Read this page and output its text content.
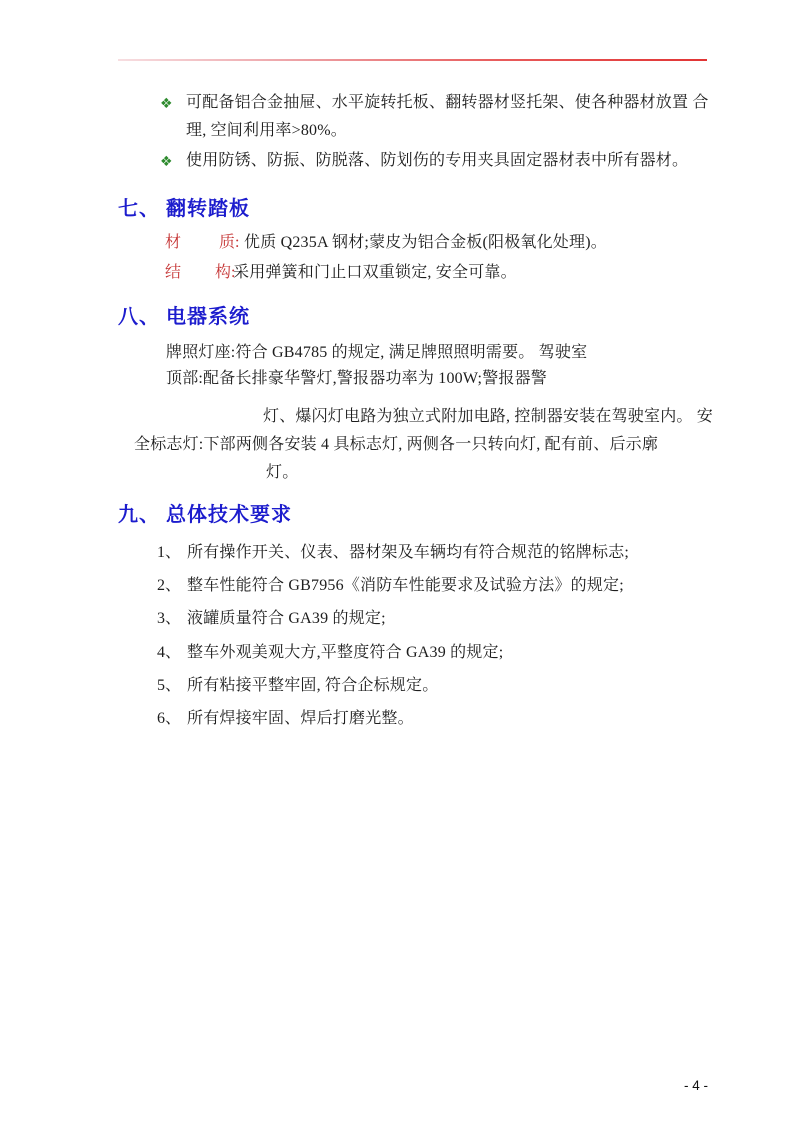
❖ 可配备铝合金抽屉、水平旋转托板、翻转器材竖托架、使各种器材放置 合
理, 空间利用率>80%。
❖ 使用防锈、防振、防脱落、防划伤的专用夹具固定器材表中所有器材。
七、 翻转踏板
材 质: 优质 Q235A 钢材;蒙皮为铝合金板(阳极氧化处理)。
结 构:
采用弹簧和门止口双重锁定, 安全可靠。
八、 电器系统
牌照灯座:符合 GB4785 的规定, 满足牌照照明需要。 驾驶室
顶部:配备长排豪华警灯,警报器功率为 100W;警报器警
灯、爆闪灯电路为独立式附加电路, 控制器安装在驾驶室内。 安
全标志灯:下部两侧各安装 4 具标志灯, 两侧各一只转向灯, 配有前、后示廓
灯。
九、 总体技术要求
1、 所有操作开关、仪表、器材架及车辆均有符合规范的铭牌标志;
2、 整车性能符合 GB7956《消防车性能要求及试验方法》的规定;
3、 液罐质量符合 GA39 的规定;
4、 整车外观美观大方,平整度符合 GA39 的规定;
5、 所有粘接平整牢固, 符合企标规定。
6、 所有焊接牢固、焊后打磨光整。
- 4 -
